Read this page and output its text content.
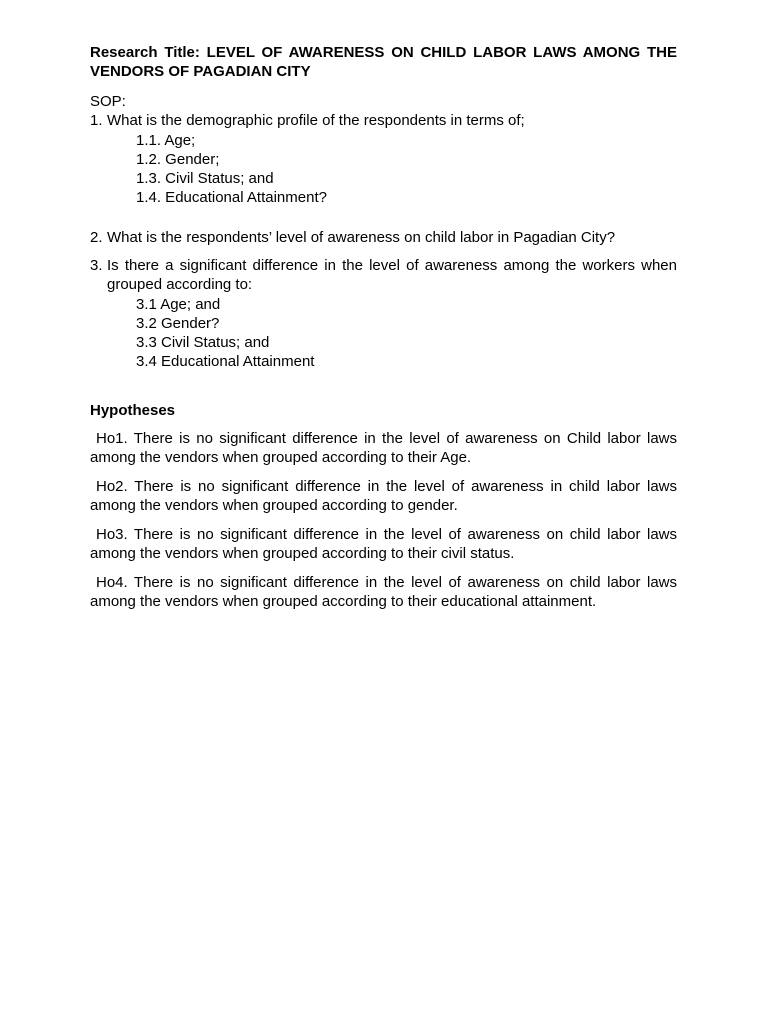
Research Title: LEVEL OF AWARENESS ON CHILD LABOR LAWS AMONG THE VENDORS OF PAGADIAN CITY

SOP:

1. What is the demographic profile of the respondents in terms of;
1.1. Age;
1.2. Gender;
1.3. Civil Status; and
1.4. Educational Attainment?
2. What is the respondents’ level of awareness on child labor in Pagadian City?
3. Is there a significant difference in the level of awareness among the workers when grouped according to:
3.1 Age; and
3.2 Gender?
3.3 Civil Status; and
3.4 Educational Attainment

Hypotheses

Ho1. There is no significant difference in the level of awareness on Child labor laws among the vendors when grouped according to their Age.

Ho2. There is no significant difference in the level of awareness in child labor laws among the vendors when grouped according to gender.

Ho3. There is no significant difference in the level of awareness on child labor laws among the vendors when grouped according to their civil status.

Ho4. There is no significant difference in the level of awareness on child labor laws among the vendors when grouped according to their educational attainment.
